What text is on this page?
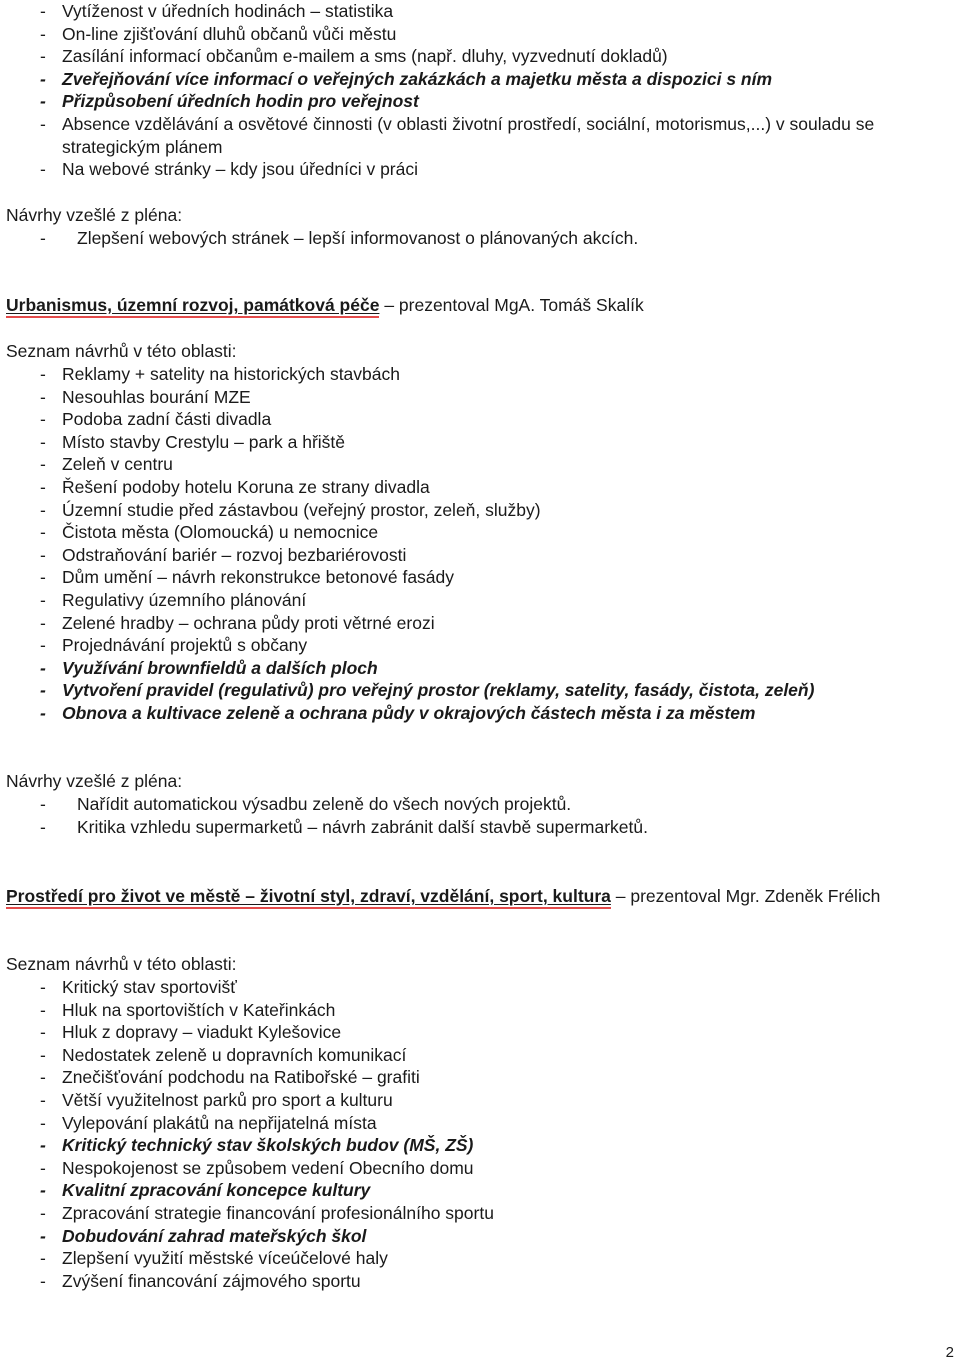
- Vytíženost v úředních hodinách – statistika
- On-line zjišťování dluhů občanů vůči městu
- Zasílání informací občanům e-mailem a sms (např. dluhy, vyzvednutí dokladů)
- Zveřejňování více informací o veřejných zakázkách a majetku města a dispozici s ním
- Přizpůsobení úředních hodin pro veřejnost
- Absence vzdělávání a osvětové činnosti (v oblasti životní prostředí, sociální, motorismus,...) v souladu se strategickým plánem
- Na webové stránky – kdy jsou úředníci v práci
Návrhy vzešlé z pléna:
- Zlepšení webových stránek – lepší informovanost o plánovaných akcích.
Urbanismus, územní rozvoj, památková péče – prezentoval MgA. Tomáš Skalík
Seznam návrhů v této oblasti:
- Reklamy + satelity na historických stavbách
- Nesouhlas bourání MZE
- Podoba zadní části divadla
- Místo stavby Crestylu – park a hřiště
- Zeleň v centru
- Řešení podoby hotelu Koruna ze strany divadla
- Územní studie před zástavbou (veřejný prostor, zeleň, služby)
- Čistota města (Olomoucká) u nemocnice
- Odstraňování bariér – rozvoj bezbariérovosti
- Dům umění – návrh rekonstrukce betonové fasády
- Regulativy územního plánování
- Zelené hradby – ochrana půdy proti větrné erozi
- Projednávání projektů s občany
- Využívání brownfieldů a dalších ploch
- Vytvoření pravidel (regulativů) pro veřejný prostor (reklamy, satelity, fasády, čistota, zeleň)
- Obnova a kultivace zeleně a ochrana půdy v okrajových částech města i za městem
Návrhy vzešlé z pléna:
- Nařídit automatickou výsadbu zeleně do všech nových projektů.
- Kritika vzhledu supermarketů – návrh zabránit další stavbě supermarketů.
Prostředí pro život ve městě – životní styl, zdraví, vzdělání, sport, kultura – prezentoval Mgr. Zdeněk Frélich
Seznam návrhů v této oblasti:
- Kritický stav sportovišť
- Hluk na sportovištích v Kateřinkách
- Hluk z dopravy – viadukt Kylešovice
- Nedostatek zeleně u dopravních komunikací
- Znečišťování podchodu na Ratibořské – grafiti
- Větší využitelnost parků pro sport a kulturu
- Vylepování plakátů na nepřijatelná místa
- Kritický technický stav školských budov (MŠ, ZŠ)
- Nespokojenost se způsobem vedení Obecního domu
- Kvalitní zpracování koncepce kultury
- Zpracování strategie financování profesionálního sportu
- Dobudování zahrad mateřských škol
- Zlepšení využití městské víceúčelové haly
- Zvýšení financování zájmového sportu
2
